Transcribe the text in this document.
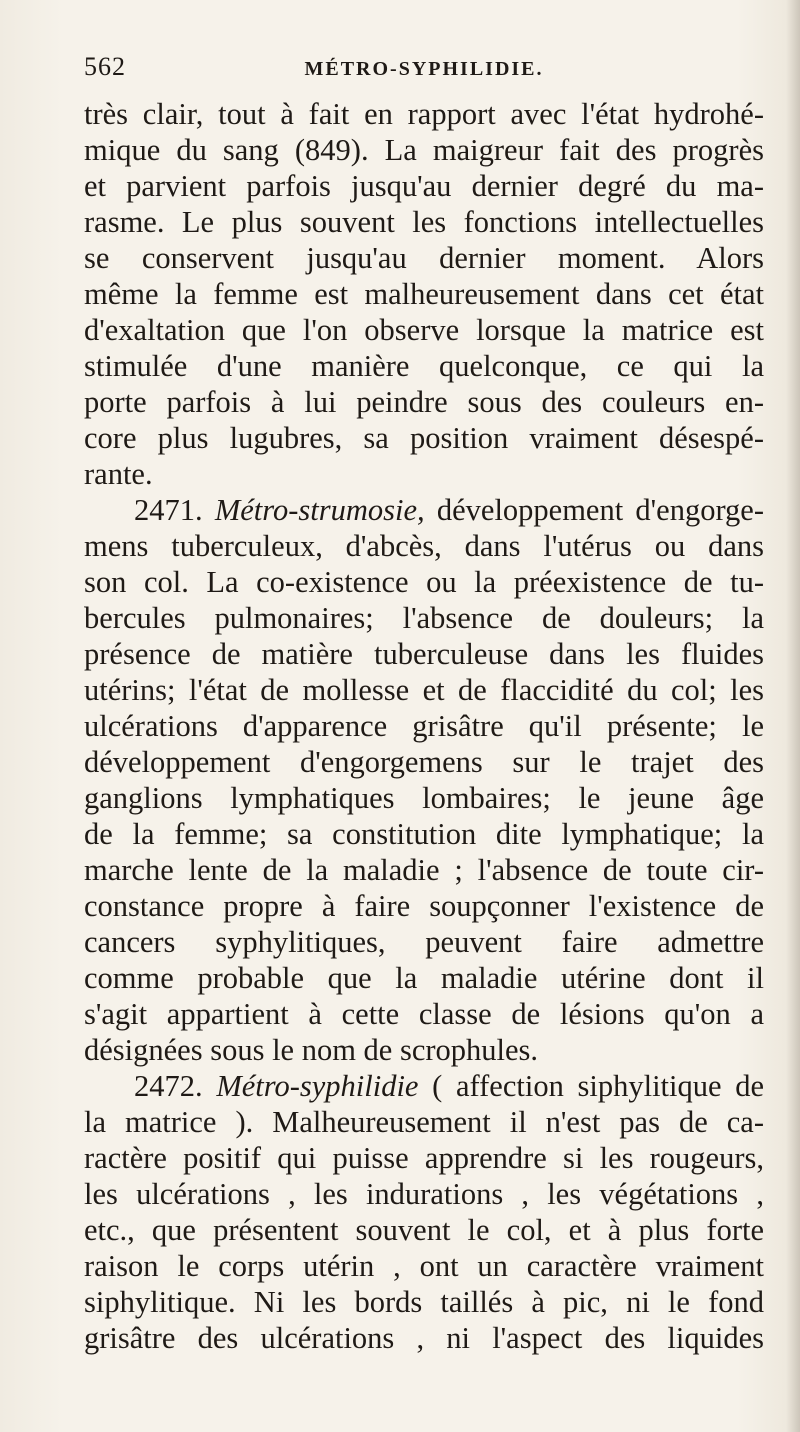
562	MÉTRO-SYPHILIDIE.
très clair, tout à fait en rapport avec l'état hydrohé-
mique du sang (849). La maigreur fait des progrès
et parvient parfois jusqu'au dernier degré du ma-
rasme. Le plus souvent les fonctions intellectuelles
se conservent jusqu'au dernier moment. Alors
même la femme est malheureusement dans cet état
d'exaltation que l'on observe lorsque la matrice est
stimulée d'une manière quelconque, ce qui la
porte parfois à lui peindre sous des couleurs en-
core plus lugubres, sa position vraiment désespé-
rante.
2471. Métro-strumosie, développement d'engorge-
mens tuberculeux, d'abcès, dans l'utérus ou dans
son col. La co-existence ou la préexistence de tu-
bercules pulmonaires; l'absence de douleurs; la
présence de matière tuberculeuse dans les fluides
utérins; l'état de mollesse et de flaccidité du col; les
ulcérations d'apparence grisâtre qu'il présente; le
développement d'engorgemens sur le trajet des
ganglions lymphatiques lombaires; le jeune âge
de la femme; sa constitution dite lymphatique; la
marche lente de la maladie ; l'absence de toute cir-
constance propre à faire soupçonner l'existence de
cancers syphylitiques, peuvent faire admettre
comme probable que la maladie utérine dont il
s'agit appartient à cette classe de lésions qu'on a
désignées sous le nom de scrophules.
2472. Métro-syphilidie ( affection siphylitique de
la matrice ). Malheureusement il n'est pas de ca-
ractère positif qui puisse apprendre si les rougeurs,
les ulcérations , les indurations , les végétations ,
etc., que présentent souvent le col, et à plus forte
raison le corps utérin , ont un caractère vraiment
siphylitique. Ni les bords taillés à pic, ni le fond
grisâtre des ulcérations , ni l'aspect des liquides
